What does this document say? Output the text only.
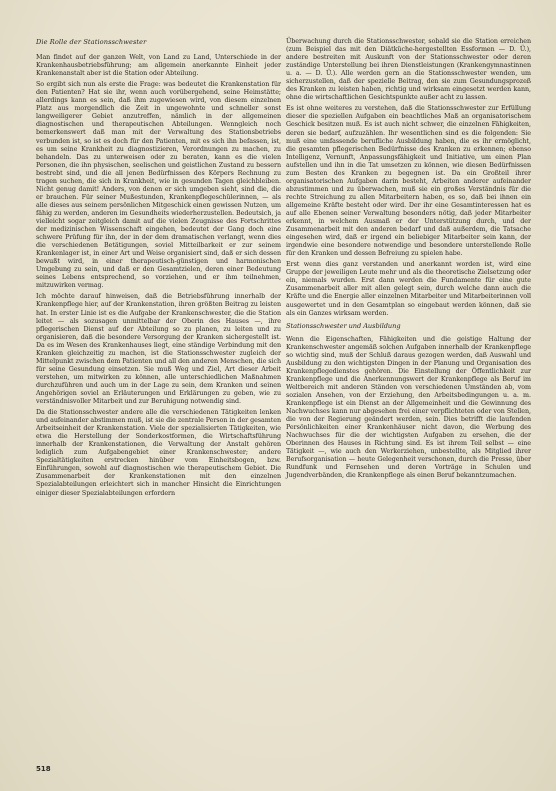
Die Rolle der Stationsschwester

Man findet auf der ganzen Welt, von Land zu Land, Unterschiede in der Krankenhausbetriebsführung; am allgemein anerkannte Einheit jeder Krankenanstalt aber ist die Station oder Abteilung.

So ergibt sich nun als erste die Frage: was bedeutet die Krankenstation für den Patienten? Hat sie ihr, wenn auch vorübergehend, seine Heimstätte; allerdings kann es sein, daß ihm zugewiesen wird, von diesem einzelnen Platz aus morgendlich die Zeit in ungewohnte und schneller sonst langweiligerer Gebiet anzutreffen, nämlich in der allgemeinen diagnostischen und therapeutischen Abteilungen. Wenngleich noch bemerkenswert daß man mit der Verwaltung des Stationsbetriebs verbunden ist, so ist es doch für den Patienten, mit es sich ihn befassen, ist, es um seine Krankheit zu diagnostizieren, Verordnungen zu machen, zu behandeln. Das zu unterweisen oder zu beraten, kann es die vielen Personen, die ihn physischen, seelischen und geistlichen Zustand zu bessern bestrebt sind, und die all jenen Bedürfnissen des Körpers Rechnung zu tragen suchen, die sich in Krankheit, wie in gesunden Tagen gleichbleiben. Nicht genug damit! Anders, von denen er sich umgeben sieht, sind die, die er brauchen. Für seiner Mußestunden, Krankenpflegeschülerinnen, — als alle dieses aus seinem persönlichen Mitgeschick einen gewissen Nutzen, um fähig zu werden, anderen im Gesundheits wiederherzustellen. Bedeutsich, ja vielleicht sogar zeitgleich damit auf die vielen Zeugnisse des Fortschrittes der medizinischen Wissenschaft eingehen, bedeutet der Gang doch eine schwere Prüfung für ihn, der in der dem dramatischen verlangt, wenn dies die verschiedenen Betätigungen, soviel Mitteilbarkeit er zur seinem Krankenlager ist, in einer Art und Weise organisiert sind, daß er sich dessen bewußt wird, in einer therapeutisch-günstigen und harmonischen Umgebung zu sein, und daß er den Gesamtzielen, deren einer Bedeutung seines Lebens entsprechend, so vorziehen, und er ihm teilnehmen, mitzuwirken vermag.

Ich möchte darauf hinweisen, daß die Betriebsführung innerhalb der Krankenpflege hier, auf der Krankenstation, ihren größten Beitrag zu leisten hat. In erster Linie ist es die Aufgabe der Krankenschwester, die die Station leitet — als sozusagen unmittelbar der Oberin des Hauses —, ihre pflegerischen Dienst auf der Abteilung so zu planen, zu leiten und zu organisieren, daß die besondere Versorgung der Kranken sichergestellt ist. Da es im Wesen des Krankenhauses liegt, eine ständige Verbindung mit den Kranken gleichzeitig zu machen, ist die Stationsschwester zugleich der Mittelpunkt zwischen dem Patienten und all den anderen Menschen, die sich für seine Gesundung einsetzen. Sie muß Weg und Ziel, Art dieser Arbeit verstehen, um mitwirken zu können, alle unterschiedlichen Maßnahmen durchzuführen und auch um in der Lage zu sein, dem Kranken und seinen Angehörigen soviel an Erläuterungen und Erklärungen zu geben, wie zu verständnisvoller Mitarbeit und zur Beruhigung notwendig sind.

Da die Stationsschwester andere alle die verschiedenen Tätigkeiten lenken und aufeinander abstimmen muß, ist sie die zentrale Person in der gesamten Arbeitseinheit der Krankenstation. Viele der spezialisierten Tätigkeiten, wie etwa die Herstellung der Sonderkostformen, die Wirtschaftsführung innerhalb der Krankenstationen, die Verwaltung der Anstalt gehören lediglich zum Aufgabengebiet einer Krankenschwester; andere Spezialtätigkeiten erstrecken hinüber vom Einheitsbogen, bzw. Einführungen, sowohl auf diagnostischen wie therapeutischem Gebiet. Die Zusammenarbeit der Krankenstationen mit den einzelnen Spezialabteilungen erleichtert sich in mancher Hinsicht die Einrichtungen einiger dieser Spezialabteilungen erfordern

Überwachung durch die Stationsschwester, sobald sie die Station erreichen (zum Beispiel das mit den Diätküche-hergestellten Essformen — D. Ü.), andere bestreiten mit Auskunft von der Stationsschwester oder deren zuständige Unterstellung bei ihren Dienstleistungen (Krankengymnastinnen u. a. — D. Ü.). Alle werden gern an die Stationsschwester wenden, um sicherzustellen, daß der spezielle Beitrag, den sie zum Gesundungsprozeß des Kranken zu leisten haben, richtig und wirksam eingesetzt werden kann, ohne die wirtschaftlichen Gesichtspunkte außer acht zu lassen.

Es ist ohne weiteres zu verstehen, daß die Stationsschwester zur Erfüllung dieser die speziellen Aufgaben ein beachtliches Maß an organisatorischem Geschick besitzen muß. Es ist auch nicht schwer, die einzelnen Fähigkeiten, deren sie bedarf, aufzuzählen. Ihr wesentlichen sind es die folgenden: Sie muß eine umfassende berufliche Ausbildung haben, die es ihr ermöglicht, die gesamten pflegerischen Bedürfnisse des Kranken zu erkennen; ebenso Intelligenz, Vernunft, Anpassungsfähigkeit und Initiative, um einen Plan aufstellen und ihn in die Tat umsetzen zu können, wie diesen Bedürfnissen zum Besten des Kranken zu begegnen ist. Da ein Großteil ihrer organisatorischen Aufgaben darin besteht, Arbeiten anderer aufeinander abzustimmen und zu überwachen, muß sie ein großes Verständnis für die rechte Streichung zu allen Mitarbeitern haben, es so, daß bei ihnen ein allgemeine Kräfte besteht oder wird. Der ihr eine Gesamtinteressen hat es auf alle Ebenen seiner Verwaltung besonders nötig, daß jeder Mitarbeiter erkennt, in welchem Ausmaß er der Unterstützung durch, und der Zusammenarbeit mit den anderen bedarf und daß außerdem, die Tatsache eingesehen wird, daß er irgend ein beliebiger Mitarbeiter sein kann, der irgendwie eine besondere notwendige und besondere unterstellende Rolle für den Kranken und dessen Befreiung zu spielen habe.

Erst wenn dies ganz verstanden und anerkannt worden ist, wird eine Gruppe der jeweiligen Leute mehr und als die theoretische Zielsetzung oder ein, niemals wurden. Erst dann werden die Fundamente für eine gute Zusammenarbeit aller mit allen gelegt sein, durch welche dann auch die Kräfte und die Energie aller einzelnen Mitarbeiter und Mitarbeiterinnen voll ausgewertet und in den Gesamtplan so eingebaut werden können, daß sie als ein Ganzes wirksam werden.

Stationsschwester und Ausbildung

Wenn die Eigenschaften, Fähigkeiten und die geistige Haltung der Krankenschwester angemäß solchen Aufgaben innerhalb der Krankenpflege so wichtig sind, muß der Schluß daraus gezogen werden, daß Auswahl und Ausbildung zu den wichtigsten Dingen in der Planung und Organisation des Krankenpflegedienstes gehören. Die Einstellung der Öffentlichkeit zur Krankenpflege und die Anerkennungswert der Krankenpflege als Beruf im Weltbereich mit anderen Ständen von verschiedenen Umständen ab, vom sozialen Ansehen, von der Erziehung, den Arbeitsbedingungen u. a. m. Krankenpflege ist ein Dienst an der Allgemeinheit und die Gewinnung des Nachwuchses kann nur abgesehen frei einer verpflichteten oder von Stellen, die von der Regierung geändert werden, sein. Dies betrifft die laufenden Persönlichkeiten einer Krankenhäuser nicht davon, die Werbung des Nachwuchses für die der wichtigsten Aufgaben zu ersehen, die der Oberinnen des Hauses in Richtung sind. Es ist ihrem Teil selbst — eine Tätigkeit —, wie auch den Werkerziehen, unbestellte, als Mitglied ihrer Berufsorganisation — heute Gelegenheit verschonen, durch die Presse, über Rundfunk und Fernsehen und deren Vorträge in Schulen und Jugendverbänden, die Krankenpflege als einen Beruf bekanntzumachen.

518
